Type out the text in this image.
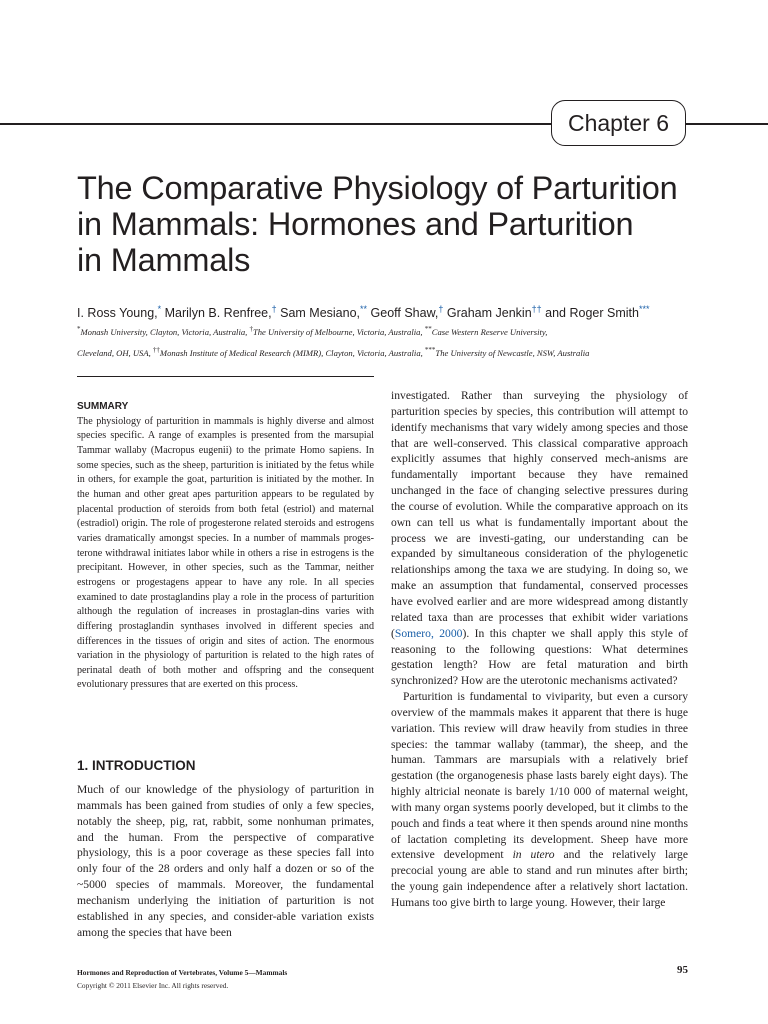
Chapter 6
The Comparative Physiology of Parturition
in Mammals: Hormones and Parturition
in Mammals
I. Ross Young,* Marilyn B. Renfree,† Sam Mesiano,** Geoff Shaw,† Graham Jenkin†† and Roger Smith***
*Monash University, Clayton, Victoria, Australia, †The University of Melbourne, Victoria, Australia, **Case Western Reserve University,
Cleveland, OH, USA, ††Monash Institute of Medical Research (MIMR), Clayton, Victoria, Australia, ***The University of Newcastle, NSW, Australia
SUMMARY

The physiology of parturition in mammals is highly diverse and almost species specific. A range of examples is presented from the marsupial Tammar wallaby (Macropus eugenii) to the primate Homo sapiens. In some species, such as the sheep, parturition is initiated by the fetus while in others, for example the goat, parturition is initiated by the mother. In the human and other great apes parturition appears to be regulated by placental production of steroids from both fetal (estriol) and maternal (estradiol) origin. The role of progesterone related steroids and estrogens varies dramatically amongst species. In a number of mammals proges-terone withdrawal initiates labor while in others a rise in estrogens is the precipitant. However, in other species, such as the Tammar, neither estrogens or progestagens appear to have any role. In all species examined to date prostaglandins play a role in the process of parturition although the regulation of increases in prostaglan-dins varies with differing prostaglandin synthases involved in different species and differences in the tissues of origin and sites of action. The enormous variation in the physiology of parturition is related to the high rates of perinatal death of both mother and offspring and the consequent evolutionary pressures that are exerted on this process.

1. INTRODUCTION

Much of our knowledge of the physiology of parturition in mammals has been gained from studies of only a few species, notably the sheep, pig, rat, rabbit, some nonhuman primates, and the human. From the perspective of comparative physiology, this is a poor coverage as these species fall into only four of the 28 orders and only half a dozen or so of the ~5000 species of mammals. Moreover, the fundamental mechanism underlying the initiation of parturition is not established in any species, and consider-able variation exists among the species that have been

investigated. Rather than surveying the physiology of parturition species by species, this contribution will attempt to identify mechanisms that vary widely among species and those that are well-conserved. This classical comparative approach explicitly assumes that highly conserved mech-anisms are fundamentally important because they have remained unchanged in the face of changing selective pressures during the course of evolution. While the comparative approach on its own can tell us what is fundamentally important about the process we are investi-gating, our understanding can be expanded by simultaneous consideration of the phylogenetic relationships among the taxa we are studying. In doing so, we make an assumption that fundamental, conserved processes have evolved earlier and are more widespread among distantly related taxa than are processes that exhibit wider variations (Somero, 2000). In this chapter we shall apply this style of reasoning to the following questions: What determines gestation length? How are fetal maturation and birth synchronized? How are the uterotonic mechanisms activated?

Parturition is fundamental to viviparity, but even a cursory overview of the mammals makes it apparent that there is huge variation. This review will draw heavily from studies in three species: the tammar wallaby (tammar), the sheep, and the human. Tammars are marsupials with a relatively brief gestation (the organogenesis phase lasts barely eight days). The highly altricial neonate is barely 1/10 000 of maternal weight, with many organ systems poorly developed, but it climbs to the pouch and finds a teat where it then spends around nine months of lactation completing its development. Sheep have more extensive development in utero and the relatively large precocial young are able to stand and run minutes after birth; the young gain independence after a relatively short lactation. Humans too give birth to large young. However, their large

Hormones and Reproduction of Vertebrates, Volume 5—Mammals
Copyright © 2011 Elsevier Inc. All rights reserved.
95
